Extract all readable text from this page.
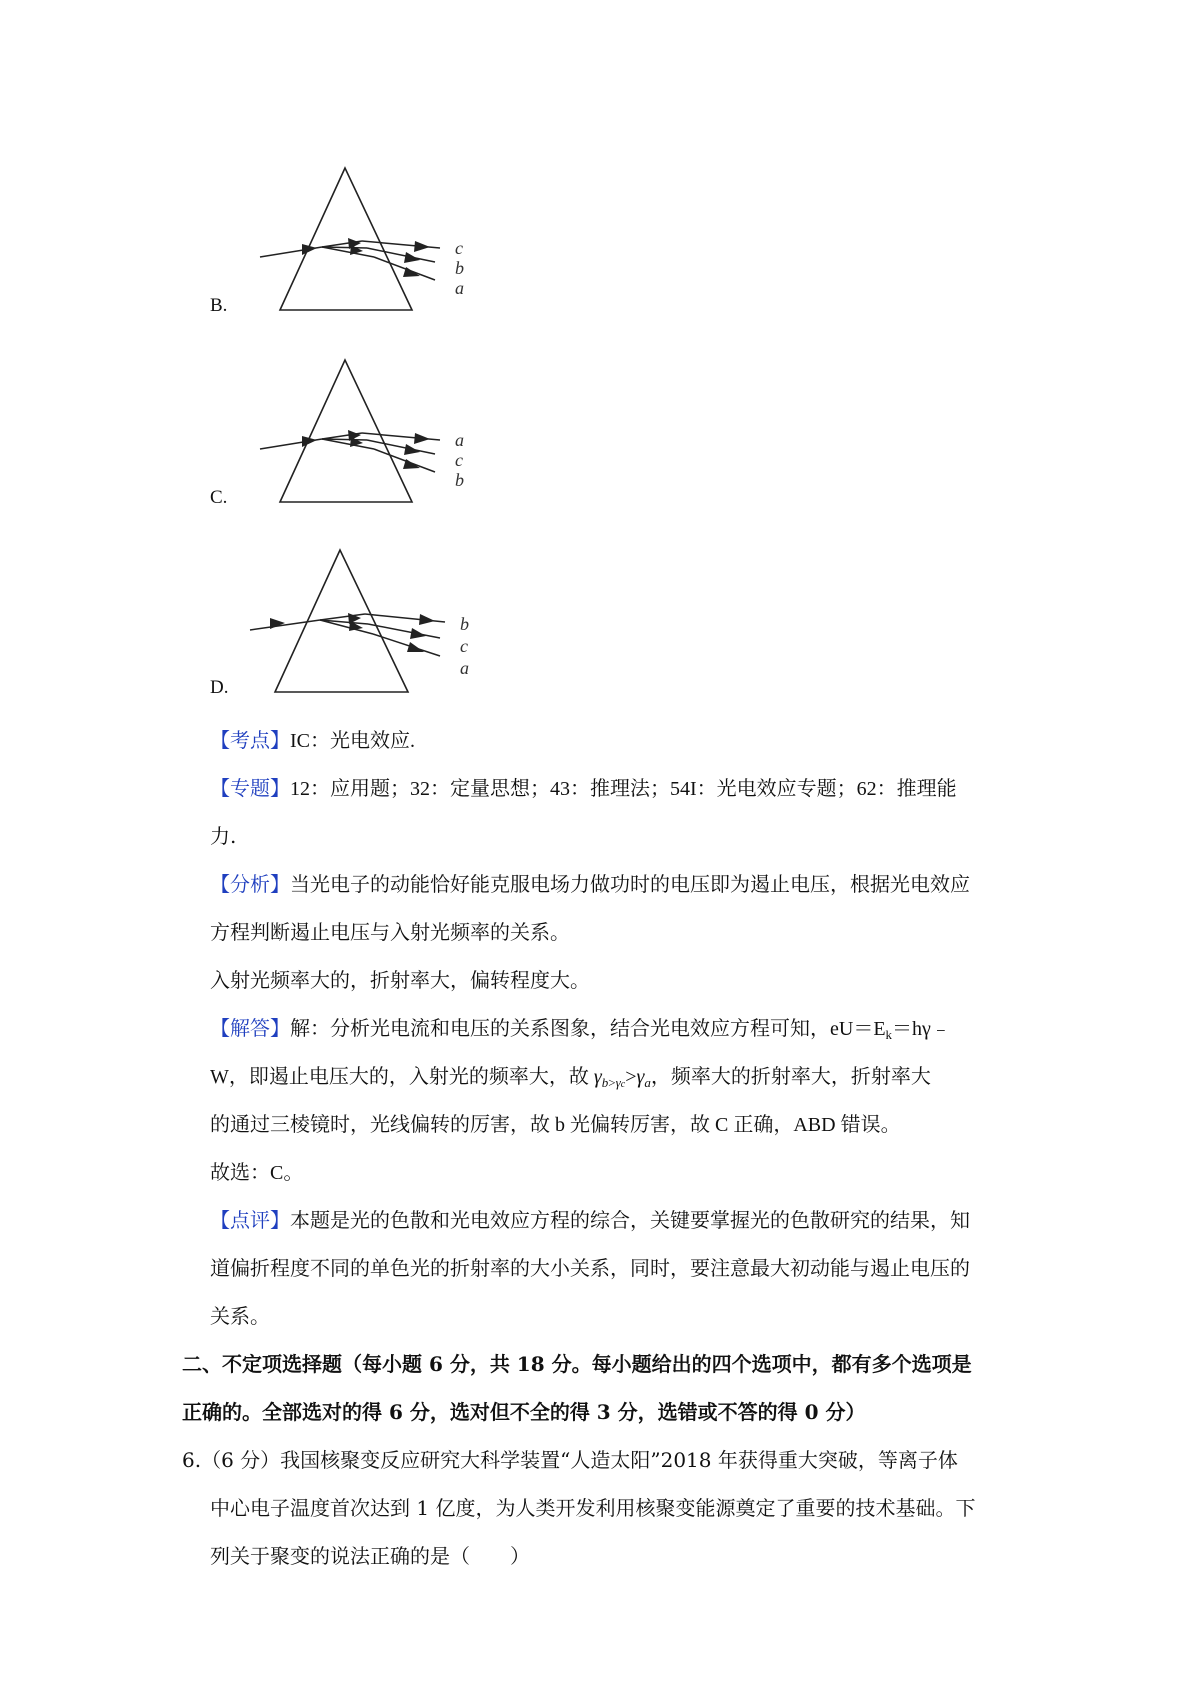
B.
c
b
a
C.
a
c
b
D.
b
c
a
【考点】IC：光电效应.
【专题】12：应用题；32：定量思想；43：推理法；54I：光电效应专题；62：推理能
力.
【分析】当光电子的动能恰好能克服电场力做功时的电压即为遏止电压，根据光电效应
方程判断遏止电压与入射光频率的关系。
入射光频率大的，折射率大，偏转程度大。
【解答】解：分析光电流和电压的关系图象，结合光电效应方程可知，$eU=E_k=h\gamma﹣$
W，即遏止电压大的，入射光的频率大，故 $\gamma_{b>\gamma c}>\gamma_a$，频率大的折射率大，折射率大
的通过三棱镜时，光线偏转的厉害，故 b 光偏转厉害，故 C 正确，ABD 错误。
故选：C。
【点评】本题是光的色散和光电效应方程的综合，关键要掌握光的色散研究的结果，知
道偏折程度不同的单色光的折射率的大小关系，同时，要注意最大初动能与遏止电压的
关系。
二、不定项选择题（每小题 6 分，共 18 分。每小题给出的四个选项中，都有多个选项是
正确的。全部选对的得 6 分，选对但不全的得 3 分，选错或不答的得 0 分）
6.（6 分）我国核聚变反应研究大科学装置“人造太阳”2018 年获得重大突破，等离子体
中心电子温度首次达到 1 亿度，为人类开发利用核聚变能源奠定了重要的技术基础。下
列关于聚变的说法正确的是（　　）
